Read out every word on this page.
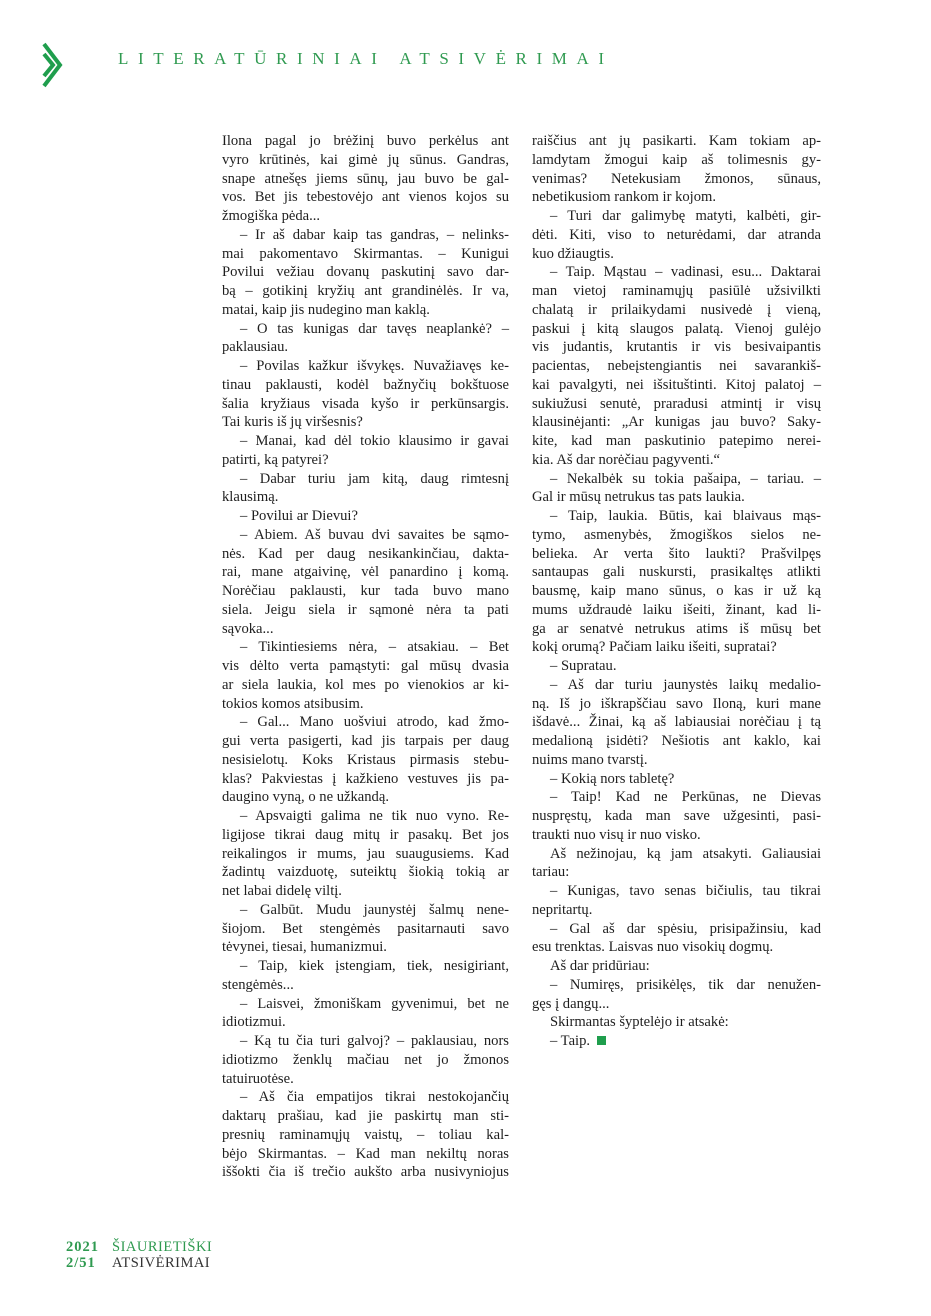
LITERATŪRINIAI ATSIVĖRIMAI
Ilona pagal jo brėžinį buvo perkėlus ant
vyro krūtinės, kai gimė jų sūnus. Gandras,
snape atnešęs jiems sūnų, jau buvo be gal-
vos. Bet jis tebestovėjo ant vienos kojos su
žmogiška pėda...
– Ir aš dabar kaip tas gandras, – nelinks-
mai pakomentavo Skirmantas. – Kunigui
Povilui vežiau dovanų paskutinį savo dar-
bą – gotikinį kryžių ant grandinėlės. Ir va,
matai, kaip jis nudegino man kaklą.
– O tas kunigas dar tavęs neaplankė? –
paklausiau.
– Povilas kažkur išvykęs. Nuvažiavęs ke-
tinau paklausti, kodėl bažnyčių bokštuose
šalia kryžiaus visada kyšo ir perkūnsargis.
Tai kuris iš jų viršesnis?
– Manai, kad dėl tokio klausimo ir gavai
patirti, ką patyrei?
– Dabar turiu jam kitą, daug rimtesnį
klausimą.
– Povilui ar Dievui?
– Abiem. Aš buvau dvi savaites be sąmo-
nės. Kad per daug nesikankinčiau, dakta-
rai, mane atgaivinę, vėl panardino į komą.
Norėčiau paklausti, kur tada buvo mano
siela. Jeigu siela ir sąmonė nėra ta pati
sąvoka...
– Tikintiesiems nėra, – atsakiau. – Bet
vis dėlto verta pamąstyti: gal mūsų dvasia
ar siela laukia, kol mes po vienokios ar ki-
tokios komos atsibusim.
– Gal... Mano uošviui atrodo, kad žmo-
gui verta pasigerti, kad jis tarpais per daug
nesisielotų. Koks Kristaus pirmasis stebu-
klas? Pakviestas į kažkieno vestuves jis pa-
daugino vyną, o ne užkandą.
– Apsvaigti galima ne tik nuo vyno. Re-
ligijose tikrai daug mitų ir pasakų. Bet jos
reikalingos ir mums, jau suaugusiems. Kad
žadintų vaizduotę, suteiktų šiokią tokią ar
net labai didelę viltį.
– Galbūt. Mudu jaunystėj šalmų nene-
šiojom. Bet stengėmės pasitarnauti savo
tėvynei, tiesai, humanizmui.
– Taip, kiek įstengiam, tiek, nesigiriant,
stengėmės...
– Laisvei, žmoniškam gyvenimui, bet ne
idiotizmui.
– Ką tu čia turi galvoj? – paklausiau, nors
idiotizmo ženklų mačiau net jo žmonos
tatuiruotėse.
– Aš čia empatijos tikrai nestokojančių
daktarų prašiau, kad jie paskirtų man sti-
presnių raminamųjų vaistų, – toliau kal-
bėjo Skirmantas. – Kad man nekiltų noras
iššokti čia iš trečio aukšto arba nusivyniojus
raiščius ant jų pasikarti. Kam tokiam ap-
lamdytam žmogui kaip aš tolimesnis gy-
venimas? Netekusiam žmonos, sūnaus,
nebetikusiom rankom ir kojom.
– Turi dar galimybę matyti, kalbėti, gir-
dėti. Kiti, viso to neturėdami, dar atranda
kuo džiaugtis.
– Taip. Mąstau – vadinasi, esu... Daktarai
man vietoj raminamųjų pasiūlė užsivilkti
chalatą ir prilaikydami nusivedė į vieną,
paskui į kitą slaugos palatą. Vienoj gulėjo
vis judantis, krutantis ir vis besivaipantis
pacientas, nebeįstengiantis nei savarankiš-
kai pavalgyti, nei išsituštinti. Kitoj palatoj –
sukiužusi senutė, praradusi atmintį ir visų
klausinėjanti: „Ar kunigas jau buvo? Saky-
kite, kad man paskutinio patepimo nerei-
kia. Aš dar norėčiau pagyventi.“
– Nekalbėk su tokia pašaipa, – tariau. –
Gal ir mūsų netrukus tas pats laukia.
– Taip, laukia. Būtis, kai blaivaus mąs-
tymo, asmenybės, žmogiškos sielos ne-
belieka. Ar verta šito laukti? Prašvilpęs
santaupas gali nuskursti, prasikaltęs atlikti
bausmę, kaip mano sūnus, o kas ir už ką
mums uždraudė laiku išeiti, žinant, kad li-
ga ar senatvė netrukus atims iš mūsų bet
kokį orumą? Pačiam laiku išeiti, supratai?
– Supratau.
– Aš dar turiu jaunystės laikų medalio-
ną. Iš jo iškrapščiau savo Iloną, kuri mane
išdavė... Žinai, ką aš labiausiai norėčiau į tą
medalioną įsidėti? Nešiotis ant kaklo, kai
nuims mano tvarstį.
– Kokią nors tabletę?
– Taip! Kad ne Perkūnas, ne Dievas
nuspręstų, kada man save užgesinti, pasi-
traukti nuo visų ir nuo visko.
Aš nežinojau, ką jam atsakyti. Galiausiai
tariau:
– Kunigas, tavo senas bičiulis, tau tikrai
nepritartų.
– Gal aš dar spėsiu, prisipažinsiu, kad
esu trenktas. Laisvas nuo visokių dogmų.
Aš dar pridūriau:
– Numiręs, prisikėlęs, tik dar nenužen-
gęs į dangų...
Skirmantas šyptelėjo ir atsakė:
– Taip.
2021 ŠIAURIETIŠKI
2/51 ATSIVĖRIMAI
